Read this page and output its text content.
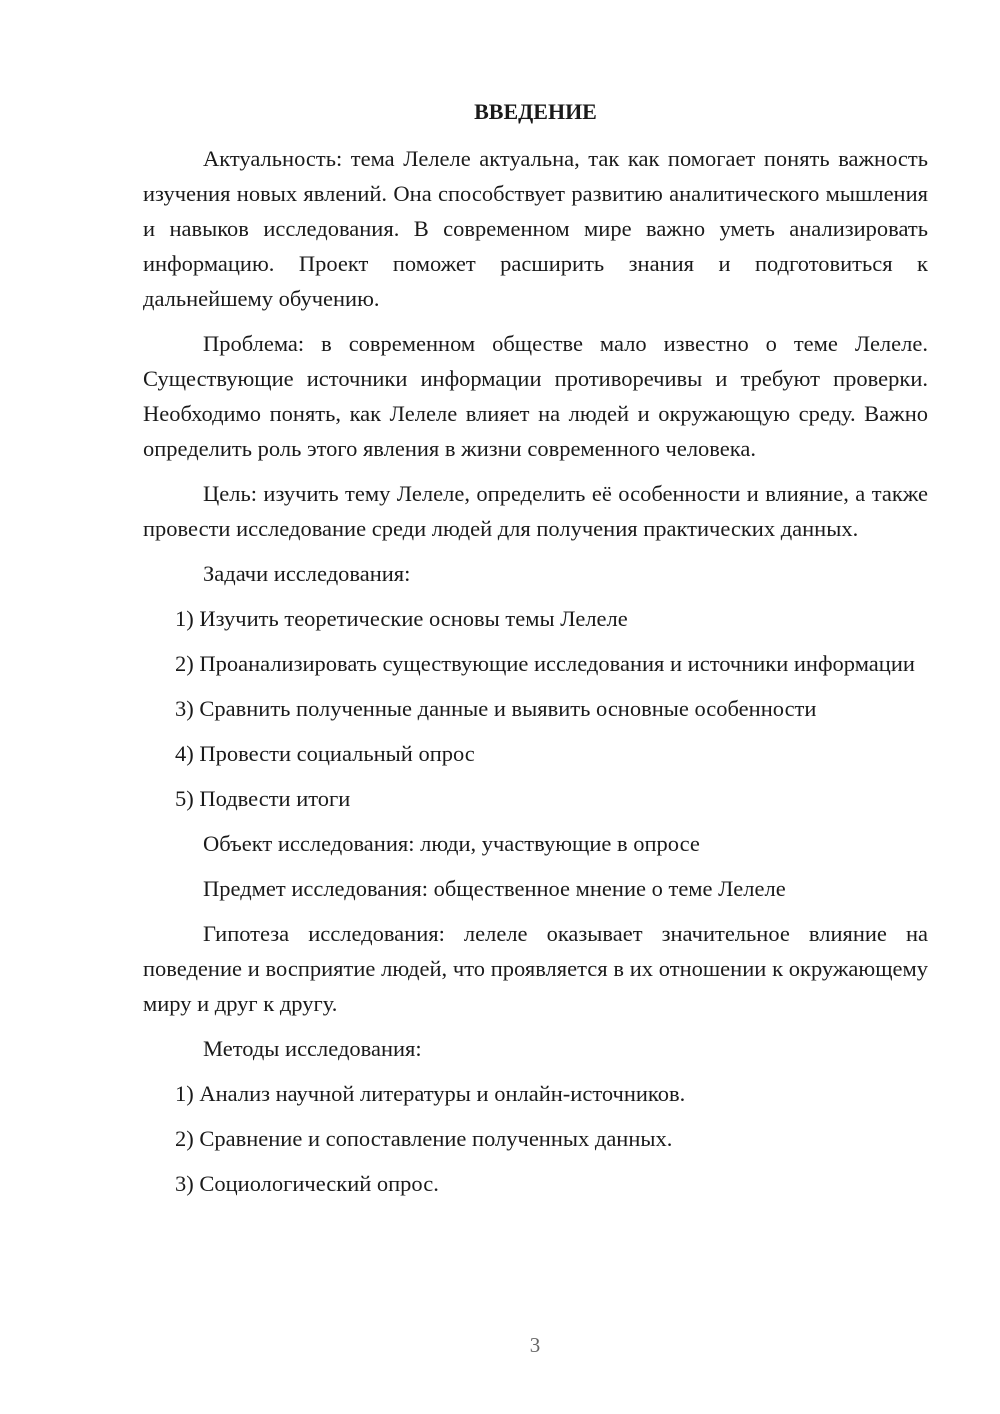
ВВЕДЕНИЕ

Актуальность: тема Лелеле актуальна, так как помогает понять важность изучения новых явлений. Она способствует развитию аналитического мышления и навыков исследования. В современном мире важно уметь анализировать информацию. Проект поможет расширить знания и подготовиться к дальнейшему обучению.

Проблема: в современном обществе мало известно о теме Лелеле. Существующие источники информации противоречивы и требуют проверки. Необходимо понять, как Лелеле влияет на людей и окружающую среду. Важно определить роль этого явления в жизни современного человека.

Цель: изучить тему Лелеле, определить её особенности и влияние, а также провести исследование среди людей для получения практических данных.

Задачи исследования:

1) Изучить теоретические основы темы Лелеле

2) Проанализировать существующие исследования и источники информации

3) Сравнить полученные данные и выявить основные особенности

4) Провести социальный опрос

5) Подвести итоги

Объект исследования: люди, участвующие в опросе

Предмет исследования: общественное мнение о теме Лелеле

Гипотеза исследования: лелеле оказывает значительное влияние на поведение и восприятие людей, что проявляется в их отношении к окружающему миру и друг к другу.

Методы исследования:

1) Анализ научной литературы и онлайн-источников.

2) Сравнение и сопоставление полученных данных.

3) Социологический опрос.

3
